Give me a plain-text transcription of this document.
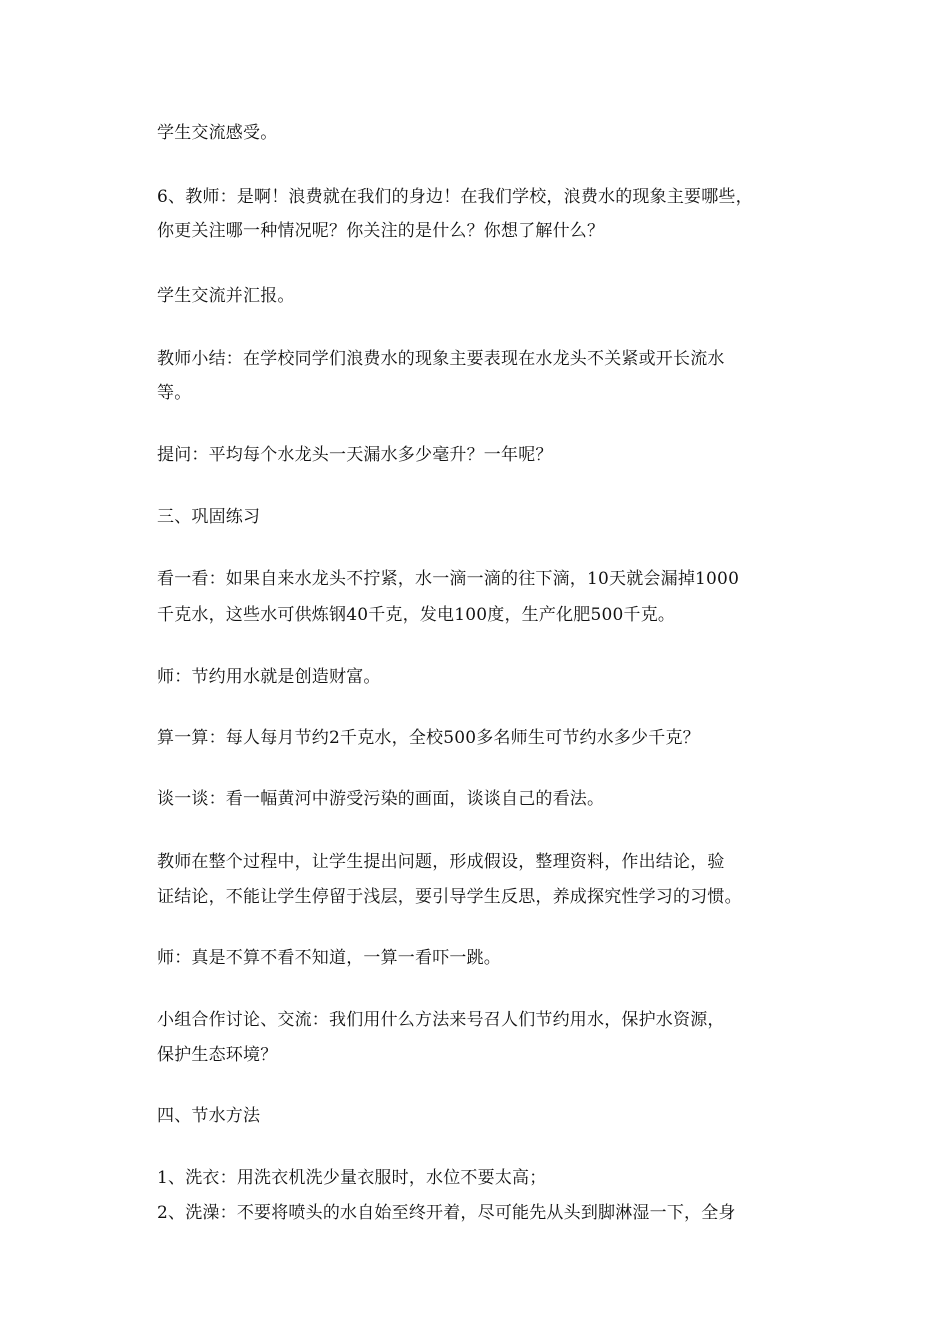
学生交流感受。
6、教师：是啊！浪费就在我们的身边！在我们学校，浪费水的现象主要哪些，
你更关注哪一种情况呢？你关注的是什么？你想了解什么？
学生交流并汇报。
教师小结：在学校同学们浪费水的现象主要表现在水龙头不关紧或开长流水
等。
提问：平均每个水龙头一天漏水多少毫升？一年呢？
三、巩固练习
看一看：如果自来水龙头不拧紧，水一滴一滴的往下滴，10天就会漏掉1000
千克水，这些水可供炼钢40千克，发电100度，生产化肥500千克。
师：节约用水就是创造财富。
算一算：每人每月节约2千克水，全校500多名师生可节约水多少千克？
谈一谈：看一幅黄河中游受污染的画面，谈谈自己的看法。
教师在整个过程中，让学生提出问题，形成假设，整理资料，作出结论，验
证结论，不能让学生停留于浅层，要引导学生反思，养成探究性学习的习惯。
师：真是不算不看不知道，一算一看吓一跳。
小组合作讨论、交流：我们用什么方法来号召人们节约用水，保护水资源，
保护生态环境？
四、节水方法
1、洗衣：用洗衣机洗少量衣服时，水位不要太高；
2、洗澡：不要将喷头的水自始至终开着，尽可能先从头到脚淋湿一下，全身
